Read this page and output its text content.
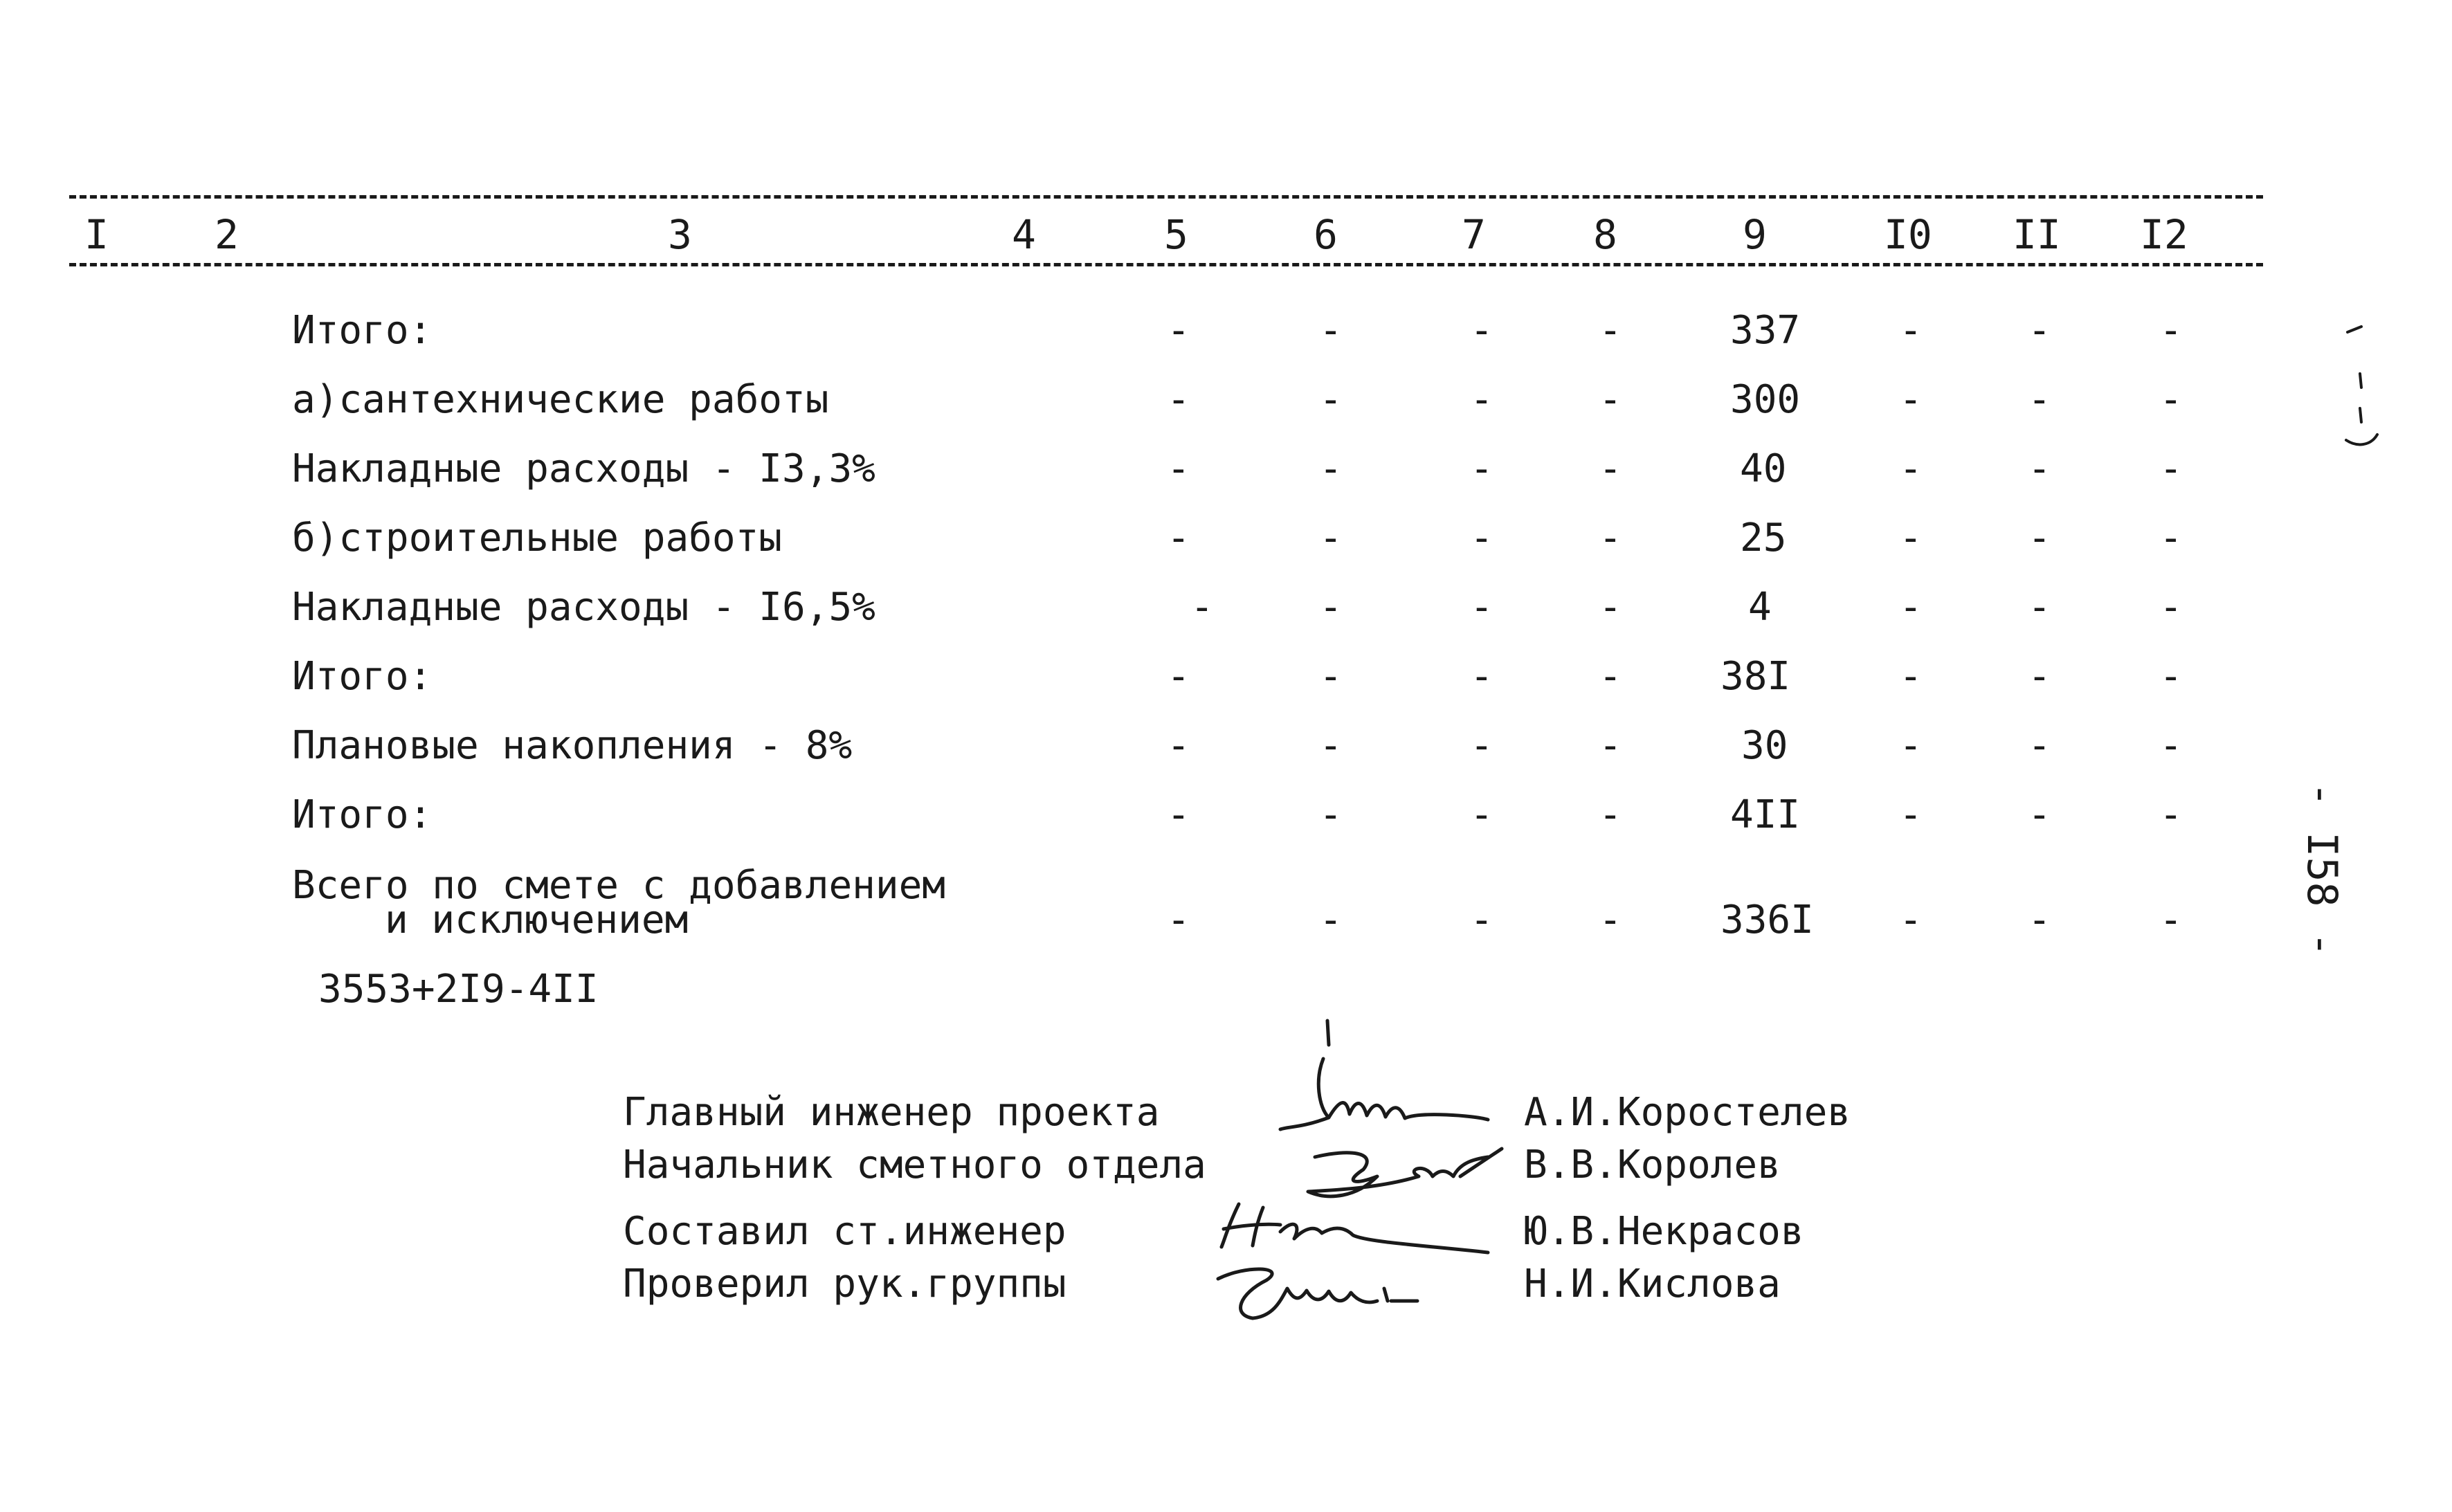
I	2	3	4	5	6	7	8	9	I0 II I2
Итого:	-	-	-	-	337	-	-	-
а)сантехнические работы	-	-	-	-	300	-	-	-
Накладные расходы - I3,3%	-	-	-	-	40	-	-	-
б)строительные работы	-	-	-	-	25	-	-	-
Накладные расходы - I6,5%	-	-	-	-	4	-	-	-
Итого:	-	-	-	-	38I	-	-	-
Плановые накопления - 8%	-	-	-	-	30	-	-	-
Итого:	-	-	-	-	4II	-	-	-
Всего по смете с добавлением
и исключением	-	-	-	-	336I -	-	-
3553+2I9-4II
Главный инженер проекта
Начальник сметного отдела
Составил ст.инженер
Проверил рук.группы
А.И.Коростелев
В.В.Королев
Ю.В.Некрасов
Н.И.Кислова
- I58 -
